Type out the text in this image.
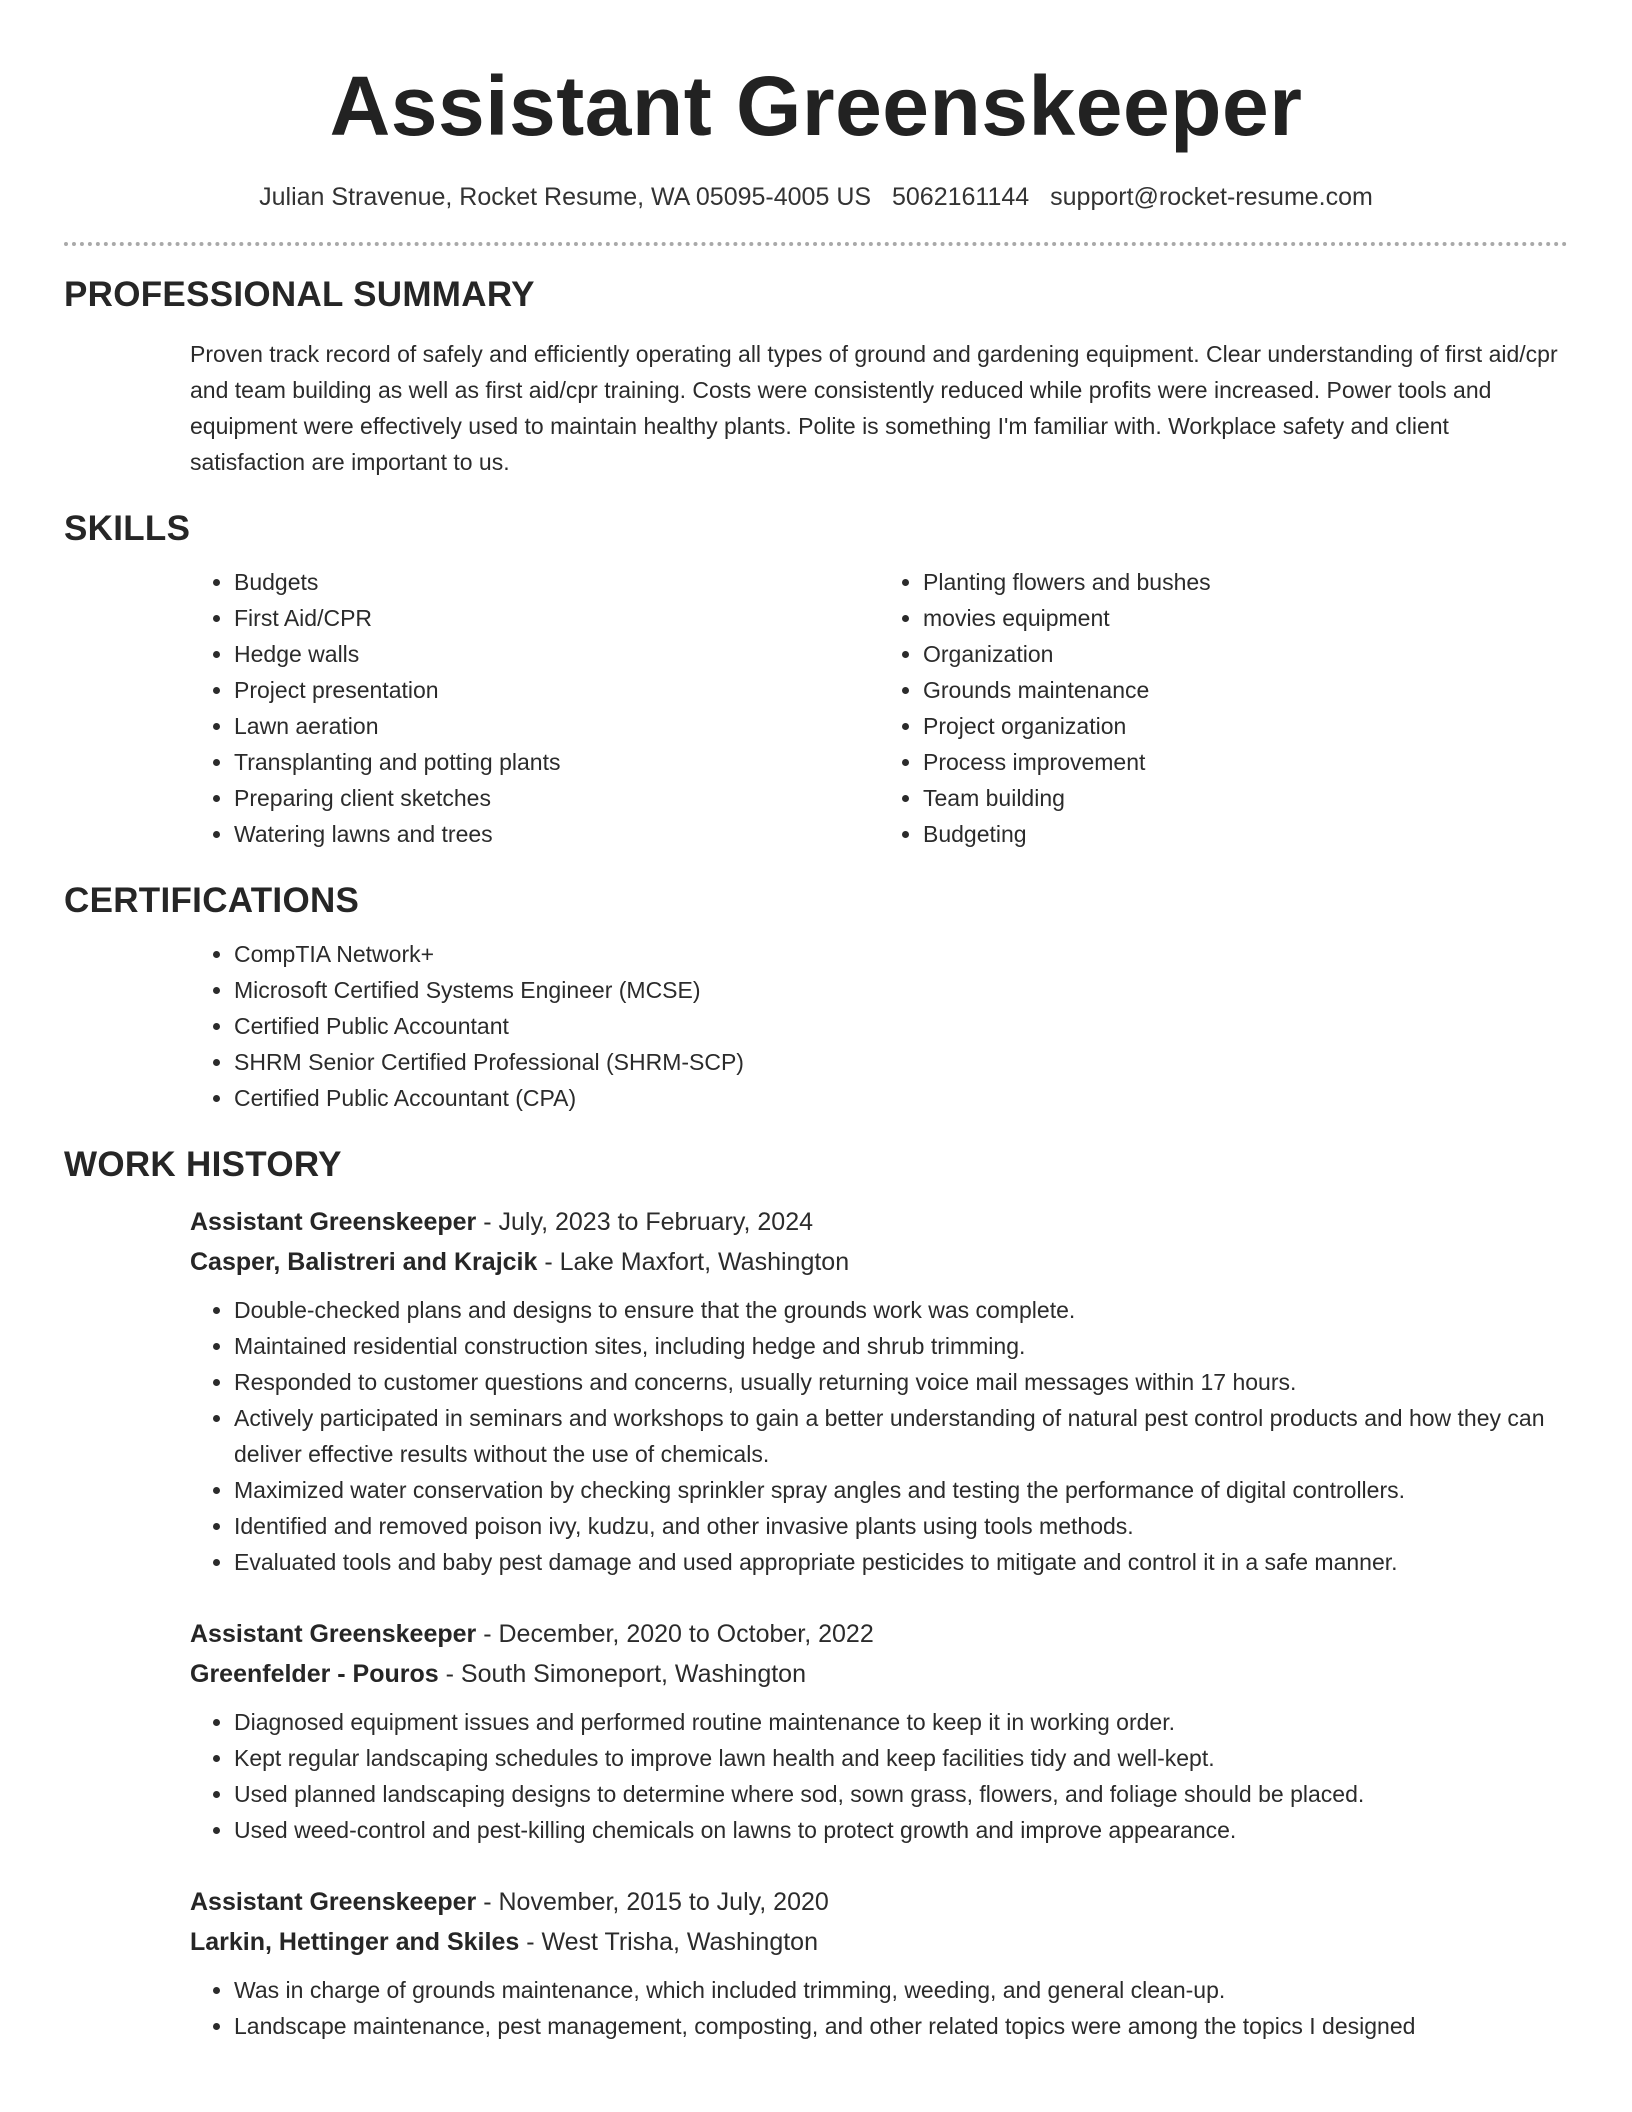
Assistant Greenskeeper
Julian Stravenue, Rocket Resume, WA 05095-4005 US 5062161144 support@rocket-resume.com
PROFESSIONAL SUMMARY

Proven track record of safely and efficiently operating all types of ground and gardening equipment. Clear understanding of first aid/cpr and team building as well as first aid/cpr training. Costs were consistently reduced while profits were increased. Power tools and equipment were effectively used to maintain healthy plants. Polite is something I'm familiar with. Workplace safety and client satisfaction are important to us.

SKILLS
• Budgets
• First Aid/CPR
• Hedge walls
• Project presentation
• Lawn aeration
• Transplanting and potting plants
• Preparing client sketches
• Watering lawns and trees
• Planting flowers and bushes
• movies equipment
• Organization
• Grounds maintenance
• Project organization
• Process improvement
• Team building
• Budgeting
CERTIFICATIONS
• CompTIA Network+
• Microsoft Certified Systems Engineer (MCSE)
• Certified Public Accountant
• SHRM Senior Certified Professional (SHRM-SCP)
• Certified Public Accountant (CPA)
WORK HISTORY
Assistant Greenskeeper - July, 2023 to February, 2024
Casper, Balistreri and Krajcik - Lake Maxfort, Washington
• Double-checked plans and designs to ensure that the grounds work was complete.
• Maintained residential construction sites, including hedge and shrub trimming.
• Responded to customer questions and concerns, usually returning voice mail messages within 17 hours.
• Actively participated in seminars and workshops to gain a better understanding of natural pest control products and how they can deliver effective results without the use of chemicals.
• Maximized water conservation by checking sprinkler spray angles and testing the performance of digital controllers.
• Identified and removed poison ivy, kudzu, and other invasive plants using tools methods.
• Evaluated tools and baby pest damage and used appropriate pesticides to mitigate and control it in a safe manner.
Assistant Greenskeeper - December, 2020 to October, 2022
Greenfelder - Pouros - South Simoneport, Washington
• Diagnosed equipment issues and performed routine maintenance to keep it in working order.
• Kept regular landscaping schedules to improve lawn health and keep facilities tidy and well-kept.
• Used planned landscaping designs to determine where sod, sown grass, flowers, and foliage should be placed.
• Used weed-control and pest-killing chemicals on lawns to protect growth and improve appearance.
Assistant Greenskeeper - November, 2015 to July, 2020
Larkin, Hettinger and Skiles - West Trisha, Washington
• Was in charge of grounds maintenance, which included trimming, weeding, and general clean-up.
• Landscape maintenance, pest management, composting, and other related topics were among the topics I designed
